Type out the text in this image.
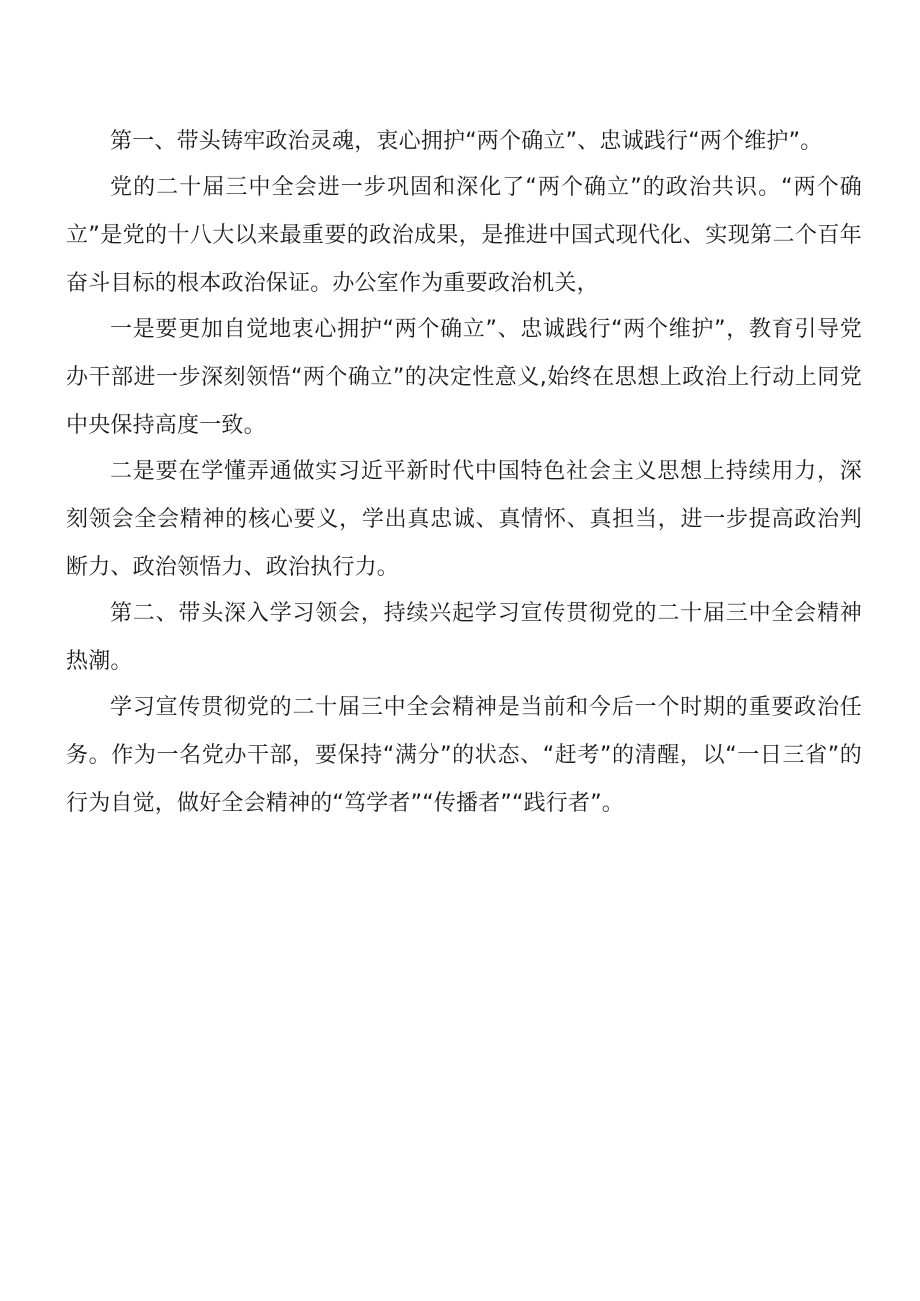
第一、带头铸牢政治灵魂，衷心拥护“两个确立”、忠诚践行“两个维护”。

党的二十届三中全会进一步巩固和深化了“两个确立”的政治共识。“两个确立”是党的十八大以来最重要的政治成果，是推进中国式现代化、实现第二个百年奋斗目标的根本政治保证。办公室作为重要政治机关，

一是要更加自觉地衷心拥护“两个确立”、忠诚践行“两个维护”，教育引导党办干部进一步深刻领悟“两个确立”的决定性意义,始终在思想上政治上行动上同党中央保持高度一致。

二是要在学懂弄通做实习近平新时代中国特色社会主义思想上持续用力，深刻领会全会精神的核心要义，学出真忠诚、真情怀、真担当，进一步提高政治判断力、政治领悟力、政治执行力。

第二、带头深入学习领会，持续兴起学习宣传贯彻党的二十届三中全会精神热潮。

学习宣传贯彻党的二十届三中全会精神是当前和今后一个时期的重要政治任务。作为一名党办干部，要保持“满分”的状态、“赶考”的清醒，以“一日三省”的行为自觉，做好全会精神的“笃学者”“传播者”“践行者”。
